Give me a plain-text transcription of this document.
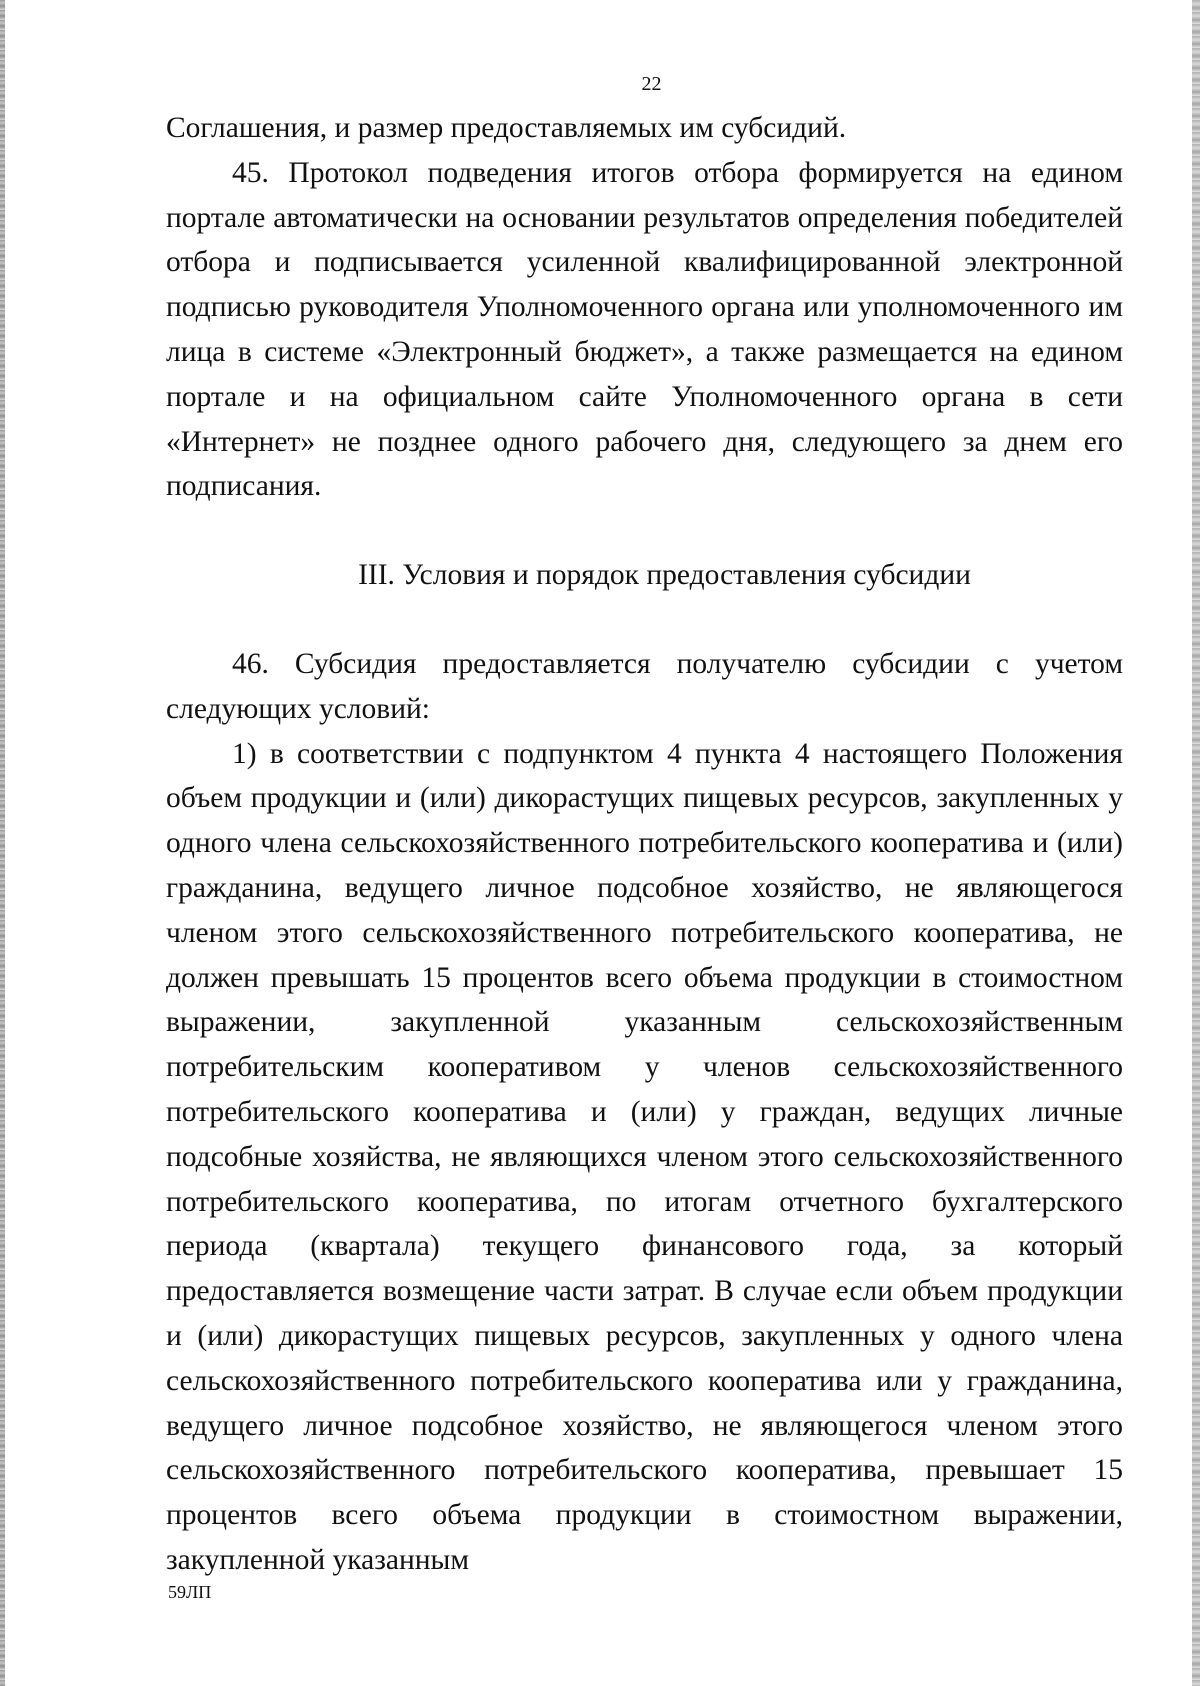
22

Соглашения, и размер предоставляемых им субсидий.

45. Протокол подведения итогов отбора формируется на едином портале автоматически на основании результатов определения победителей отбора и подписывается усиленной квалифицированной электронной подписью руководителя Уполномоченного органа или уполномоченного им лица в системе «Электронный бюджет», а также размещается на едином портале и на официальном сайте Уполномоченного органа в сети «Интернет» не позднее одного рабочего дня, следующего за днем его подписания.

III. Условия и порядок предоставления субсидии

46. Субсидия предоставляется получателю субсидии с учетом следующих условий:

1) в соответствии с подпунктом 4 пункта 4 настоящего Положения объем продукции и (или) дикорастущих пищевых ресурсов, закупленных у одного члена сельскохозяйственного потребительского кооператива и (или) гражданина, ведущего личное подсобное хозяйство, не являющегося членом этого сельскохозяйственного потребительского кооператива, не должен превышать 15 процентов всего объема продукции в стоимостном выражении, закупленной указанным сельскохозяйственным потребительским кооперативом у членов сельскохозяйственного потребительского кооператива и (или) у граждан, ведущих личные подсобные хозяйства, не являющихся членом этого сельскохозяйственного потребительского кооператива, по итогам отчетного бухгалтерского периода (квартала) текущего финансового года, за который предоставляется возмещение части затрат. В случае если объем продукции и (или) дикорастущих пищевых ресурсов, закупленных у одного члена сельскохозяйственного потребительского кооператива или у гражданина, ведущего личное подсобное хозяйство, не являющегося членом этого сельскохозяйственного потребительского кооператива, превышает 15 процентов всего объема продукции в стоимостном выражении, закупленной указанным

59ЛП
